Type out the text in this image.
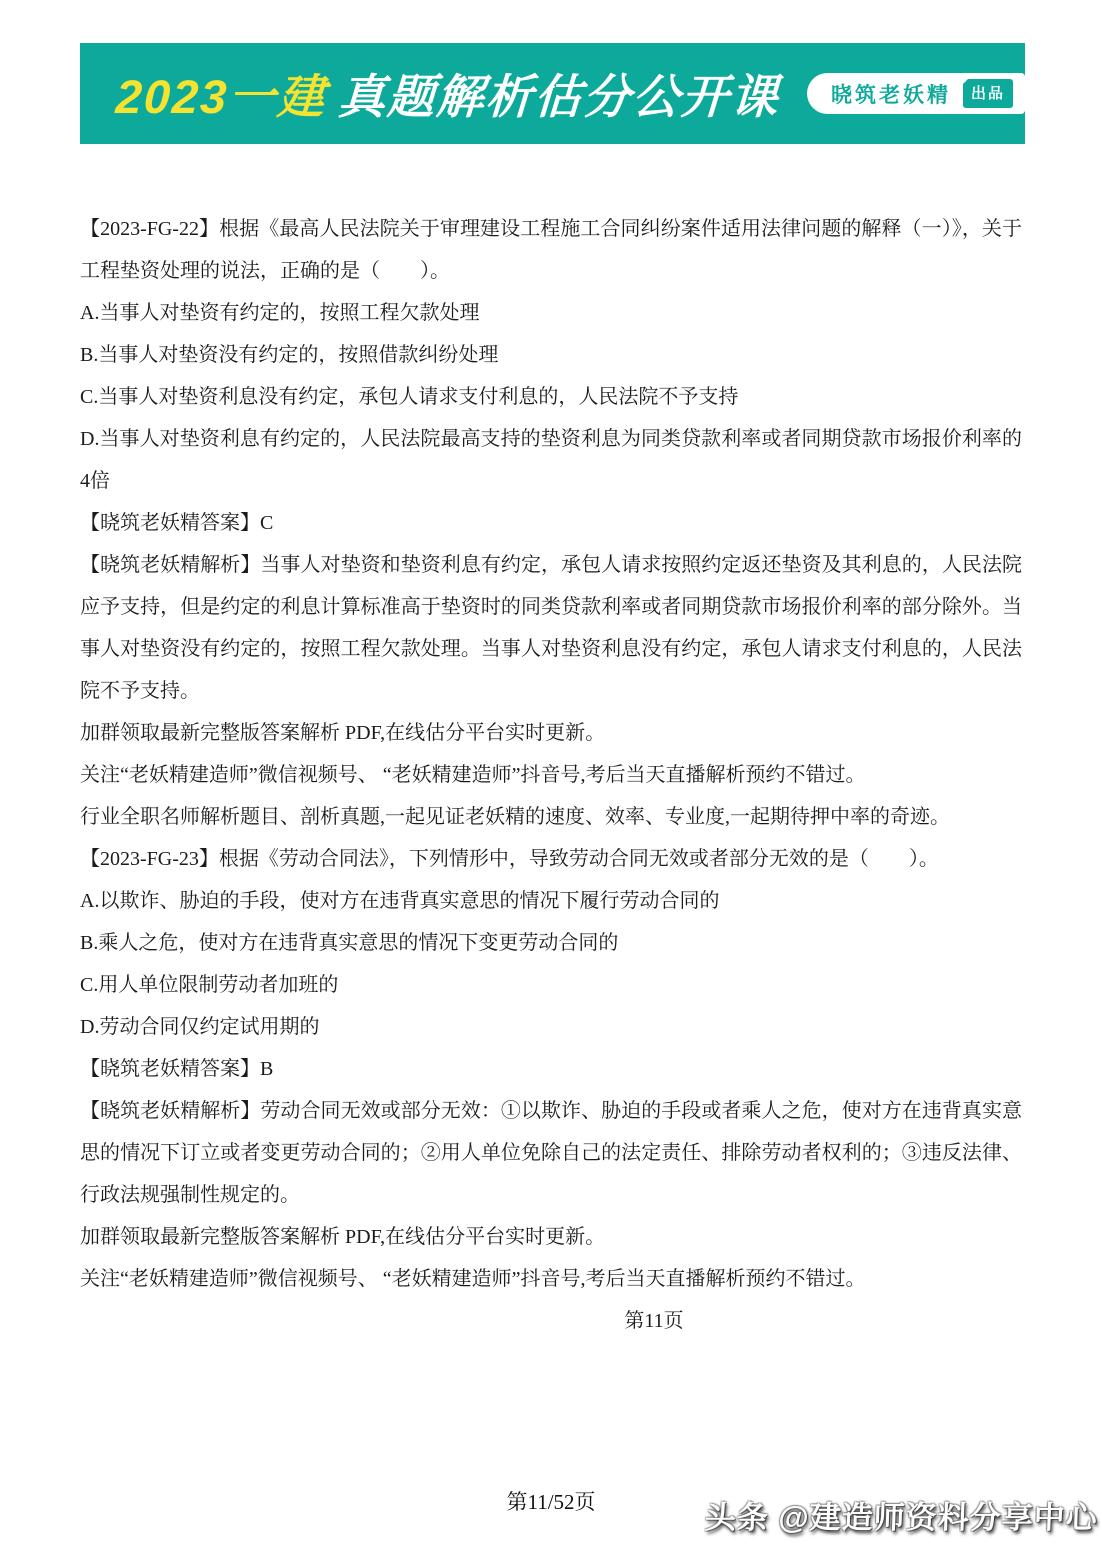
2023一建 真题解析估分公开课 晓筑老妖精	出品

【2023-FG-22】根据《最高人民法院关于审理建设工程施工合同纠纷案件适用法律问题的解释（一）》，关于工程垫资处理的说法，正确的是（　　）。

A.当事人对垫资有约定的，按照工程欠款处理

B.当事人对垫资没有约定的，按照借款纠纷处理

C.当事人对垫资利息没有约定，承包人请求支付利息的，人民法院不予支持

D.当事人对垫资利息有约定的，人民法院最高支持的垫资利息为同类贷款利率或者同期贷款市场报价利率的 4倍

【晓筑老妖精答案】C

【晓筑老妖精解析】当事人对垫资和垫资利息有约定，承包人请求按照约定返还垫资及其利息的，人民法院应予支持，但是约定的利息计算标准高于垫资时的同类贷款利率或者同期贷款市场报价利率的部分除外。当事人对垫资没有约定的，按照工程欠款处理。当事人对垫资利息没有约定，承包人请求支付利息的，人民法院不予支持。

加群领取最新完整版答案解析 PDF,在线估分平台实时更新。

关注“老妖精建造师”微信视频号、 “老妖精建造师”抖音号,考后当天直播解析预约不错过。

行业全职名师解析题目、剖析真题,一起见证老妖精的速度、效率、专业度,一起期待押中率的奇迹。

【2023-FG-23】根据《劳动合同法》，下列情形中，导致劳动合同无效或者部分无效的是（　　）。

A.以欺诈、胁迫的手段，使对方在违背真实意思的情况下履行劳动合同的

B.乘人之危，使对方在违背真实意思的情况下变更劳动合同的

C.用人单位限制劳动者加班的

D.劳动合同仅约定试用期的

【晓筑老妖精答案】B

【晓筑老妖精解析】劳动合同无效或部分无效：①以欺诈、胁迫的手段或者乘人之危，使对方在违背真实意思的情况下订立或者变更劳动合同的；②用人单位免除自己的法定责任、排除劳动者权利的；③违反法律、行政法规强制性规定的。

加群领取最新完整版答案解析 PDF,在线估分平台实时更新。

关注“老妖精建造师”微信视频号、 “老妖精建造师”抖音号,考后当天直播解析预约不错过。

第11页

第11/52页	头条 @建造师资料分享中心
